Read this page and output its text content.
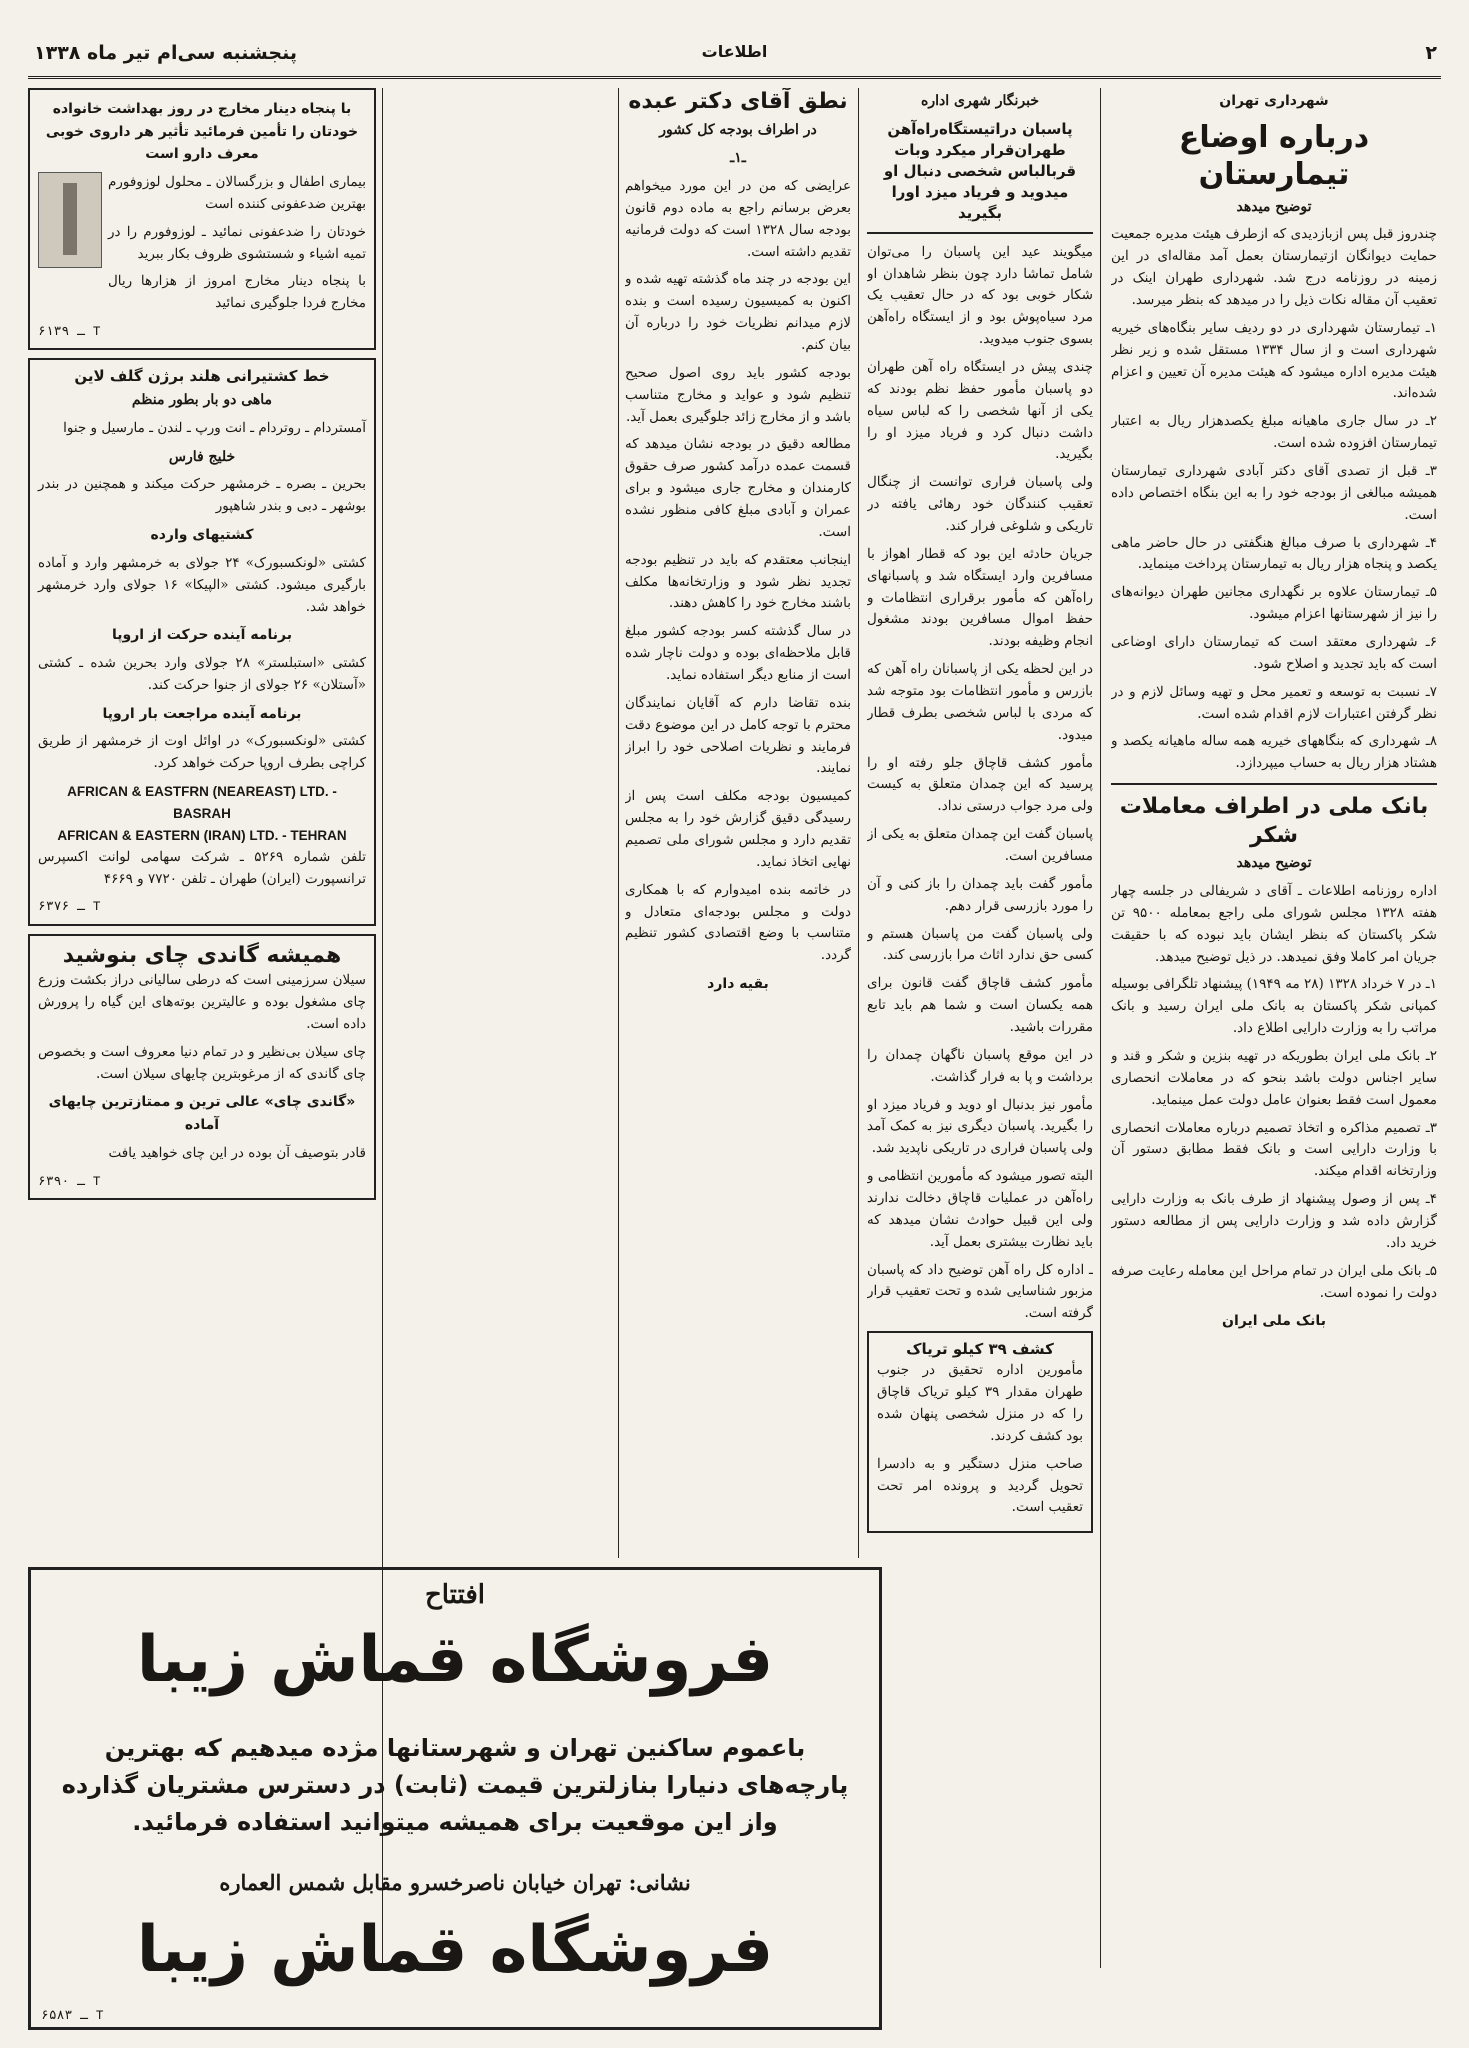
۲
اطلاعات
پنجشنبه سی‌ام تیر ماه ۱۳۳۸
شهرداری تهران
درباره اوضاع تیمارستان
توضیح میدهد

چندروز قبل پس ازبازدیدی که ازطرف هیئت مدیره جمعیت حمایت دیوانگان ازتیمارستان بعمل آمد مقاله‌ای در این زمینه در روزنامه درج شد. شهرداری طهران اینک در تعقیب آن مقاله نکات ذیل را در میدهد که بنظر میرسد.

۱ـ تیمارستان شهرداری در دو ردیف سایر بنگاه‌های خیریه شهرداری است و از سال ۱۳۳۴ مستقل شده و زیر نظر هیئت مدیره اداره میشود که هیئت مدیره آن تعیین و اعزام شده‌اند.

۲ـ در سال جاری ماهیانه مبلغ یکصدهزار ریال به اعتبار تیمارستان افزوده شده است.

۳ـ قبل از تصدی آقای دکتر آبادی شهرداری تیمارستان همیشه مبالغی از بودجه خود را به این بنگاه اختصاص داده است.

۴ـ شهرداری با صرف مبالغ هنگفتی در حال حاضر ماهی یکصد و پنجاه هزار ریال به تیمارستان پرداخت مینماید.

۵ـ تیمارستان علاوه بر نگهداری مجانین طهران دیوانه‌های را نیز از شهرستانها اعزام میشود.

۶ـ شهرداری معتقد است که تیمارستان دارای اوضاعی است که باید تجدید و اصلاح شود.

۷ـ نسبت به توسعه و تعمیر محل و تهیه وسائل لازم و در نظر گرفتن اعتبارات لازم اقدام شده است.

۸ـ شهرداری که بنگاههای خیریه همه ساله ماهیانه یکصد و هشتاد هزار ریال به حساب میپردازد.

بانک ملی در اطراف معاملات شکر
توضیح میدهد

اداره روزنامه اطلاعات ـ آقای د شریفالی در جلسه چهار هفته ۱۳۲۸ مجلس شورای ملی راجع بمعامله ۹۵۰۰ تن شکر پاکستان که بنظر ایشان باید نبوده که با حقیقت جریان امر کاملا وفق نمیدهد. در ذیل توضیح میدهد.

۱ـ در ۷ خرداد ۱۳۲۸ (۲۸ مه ۱۹۴۹) پیشنهاد تلگرافی بوسیله کمپانی شکر پاکستان به بانک ملی ایران رسید و بانک مراتب را به وزارت دارایی اطلاع داد.

۲ـ بانک ملی ایران بطوریکه در تهیه بنزین و شکر و قند و سایر اجناس دولت باشد بنحو که در معاملات انحصاری معمول است فقط بعنوان عامل دولت عمل مینماید.

۳ـ تصمیم مذاکره و اتخاذ تصمیم درباره معاملات انحصاری با وزارت دارایی است و بانک فقط مطابق دستور آن وزارتخانه اقدام میکند.

۴ـ پس از وصول پیشنهاد از طرف بانک به وزارت دارایی گزارش داده شد و وزارت دارایی پس از مطالعه دستور خرید داد.

۵ـ بانک ملی ایران در تمام مراحل این معامله رعایت صرفه دولت را نموده است.

بانک ملی ایران
خبرنگار شهری اداره
پاسبان دراتیستگاه‌راه‌آهن طهران‌قرار میکرد وبات قربالباس شخصی دنبال او مید‌وید و فریاد میزد اورا بگیرید

میگویند عید این پاسبان را می‌توان شامل تماشا دارد چون بنظر شاهدان او شکار خوبی بود که در حال تعقیب یک مرد سیاه‌پوش بود و از ایستگاه راه‌آهن بسوی جنوب میدوید.

چندی پیش در ایستگاه راه آهن طهران دو پاسبان مأمور حفظ نظم بودند که یکی از آنها شخصی را که لباس سیاه داشت دنبال کرد و فریاد میزد او را بگیرید.

ولی پاسبان فراری توانست از چنگال تعقیب کنندگان خود رهائی یافته در تاریکی و شلوغی فرار کند.

جریان حادثه این بود که قطار اهواز با مسافرین وارد ایستگاه شد و پاسبانهای راه‌آهن که مأمور برقراری انتظامات و حفظ اموال مسافرین بودند مشغول انجام وظیفه بودند.

در این لحظه یکی از پاسبانان راه آهن که بازرس و مأمور انتظامات بود متوجه شد که مردی با لباس شخصی بطرف قطار میدود.

مأمور کشف قاچاق جلو رفته او را پرسید که این چمدان متعلق به کیست ولی مرد جواب درستی نداد.

پاسبان گفت این چمدان متعلق به یکی از مسافرین است.

مأمور گفت باید چمدان را باز کنی و آن را مورد بازرسی قرار دهم.

ولی پاسبان گفت من پاسبان هستم و کسی حق ندارد اثاث مرا بازرسی کند.

مأمور کشف قاچاق گفت قانون برای همه یکسان است و شما هم باید تابع مقررات باشید.

در این موقع پاسبان ناگهان چمدان را برداشت و پا به فرار گذاشت.

مأمور نیز بدنبال او دوید و فریاد میزد او را بگیرید. پاسبان دیگری نیز به کمک آمد ولی پاسبان فراری در تاریکی ناپدید شد.

البته تصور میشود که مأمورین انتظامی و راه‌آهن در عملیات قاچاق دخالت ندارند ولی این قبیل حوادث نشان میدهد که باید نظارت بیشتری بعمل آید.

ـ اداره کل راه آهن توضیح داد که پاسبان مزبور شناسایی شده و تحت تعقیب قرار گرفته است.

کشف ۳۹ کیلو تریاک

مأمورین اداره تحقیق در جنوب طهران مقدار ۳۹ کیلو تریاک قاچاق را که در منزل شخصی پنهان شده بود کشف کردند.

صاحب منزل دستگیر و به دادسرا تحویل گردید و پرونده امر تحت تعقیب است.

نطق آقای دکتر عبده
در اطراف بودجه کل کشور
ـ۱ـ

عرایضی که من در این مورد میخواهم بعرض برسانم راجع به ماده دوم قانون بودجه سال ۱۳۲۸ است که دولت فرمانیه تقدیم داشته است.

این بودجه در چند ماه گذشته تهیه شده و اکنون به کمیسیون رسیده است و بنده لازم میدانم نظریات خود را درباره آن بیان کنم.

بودجه کشور باید روی اصول صحیح تنظیم شود و عواید و مخارج متناسب باشد و از مخارج زائد جلوگیری بعمل آید.

مطالعه دقیق در بودجه نشان میدهد که قسمت عمده درآمد کشور صرف حقوق کارمندان و مخارج جاری میشود و برای عمران و آبادی مبلغ کافی منظور نشده است.

اینجانب معتقدم که باید در تنظیم بودجه تجدید نظر شود و وزارتخانه‌ها مکلف باشند مخارج خود را کاهش دهند.

در سال گذشته کسر بودجه کشور مبلغ قابل ملاحظه‌ای بوده و دولت ناچار شده است از منابع دیگر استفاده نماید.

بنده تقاضا دارم که آقایان نمایندگان محترم با توجه کامل در این موضوع دقت فرمایند و نظریات اصلاحی خود را ابراز نمایند.

کمیسیون بودجه مکلف است پس از رسیدگی دقیق گزارش خود را به مجلس تقدیم دارد و مجلس شورای ملی تصمیم نهایی اتخاذ نماید.

در خاتمه بنده امیدوارم که با همکاری دولت و مجلس بودجه‌ای متعادل و متناسب با وضع اقتصادی کشور تنظیم گردد.

بقیه دارد
با پنجاه دینار مخارج در روز بهداشت خانواده خودتان را تأمین فرمائید تأثیر هر داروی خوبی معرف دارو است

بیماری اطفال و بزرگسالان ـ محلول لوزوفورم بهترین ضدعفونی کننده است

خودتان را ضدعفونی نمائید ـ لوزوفورم را در تمیه اشیاء و شستشوی ظروف بکار ببرید

با پنجاه دینار مخارج امروز از هزارها ریال مخارج فردا جلوگیری نمائید

۶۱۳۹ ـ T
خط کشتیرانی هلند برژن گلف لاین
ماهی دو بار بطور منظم

آمستردام ـ روتردام ـ انت ورپ ـ لندن ـ مارسیل و جنوا

خلیج فارس

بحرین ـ بصره ـ خرمشهر حرکت میکند و همچنین در بندر بوشهر ـ دبی و بندر شاهپور

کشتیهای وارده

کشتی «لونکسبورک» ۲۴ جولای به خرمشهر وارد و آماده بارگیری میشود. کشتی «الپیکا» ۱۶ جولای وارد خرمشهر خواهد شد.

برنامه آینده حرکت از اروپا

کشتی «استبلستر» ۲۸ جولای وارد بحرین شده ـ کشتی «آستلان» ۲۶ جولای از جنوا حرکت کند.

برنامه آینده مراجعت بار اروپا

کشتی «لونکسبورک» در اوائل اوت از خرمشهر از طریق کراچی بطرف اروپا حرکت خواهد کرد.

AFRICAN & EASTFRN (NEAREAST) LTD. - BASRAH
AFRICAN & EASTERN (IRAN) LTD. - TEHRAN

تلفن شماره ۵۲۶۹ ـ شرکت سهامی لوانت اکسپرس ترانسپورت (ایران) طهران ـ تلفن ۷۷۲۰ و ۴۶۶۹

۶۳۷۶ ـ T
همیشه گاندی چای بنوشید

سیلان سرزمینی است که درطی سالیانی دراز بکشت وزرع چای مشغول بوده و عالیترین بوته‌های این گیاه را پرورش داده است.

چای سیلان بی‌نظیر و در تمام دنیا معروف است و بخصوص چای گاندی که از مرغوبترین چایهای سیلان است.

«گاندی چای» عالی ترین و ممتازترین چایهای آماده

قادر بتوصیف آن بوده در این چای خواهید یافت

۶۳۹۰ ـ T
افتتاح
فروشگاه قماش زیبا
باعموم ساکنین تهران و شهرستانها مژده میدهیم که بهترین پارچه‌های دنیارا بنازلترین قیمت (ثابت) در دسترس مشتریان گذارده واز این موقعیت برای همیشه میتوانید استفاده فرمائید.
نشانی: تهران خیابان ناصرخسرو مقابل شمس العماره
فروشگاه قماش زیبا
۶۵۸۳ ـ T
